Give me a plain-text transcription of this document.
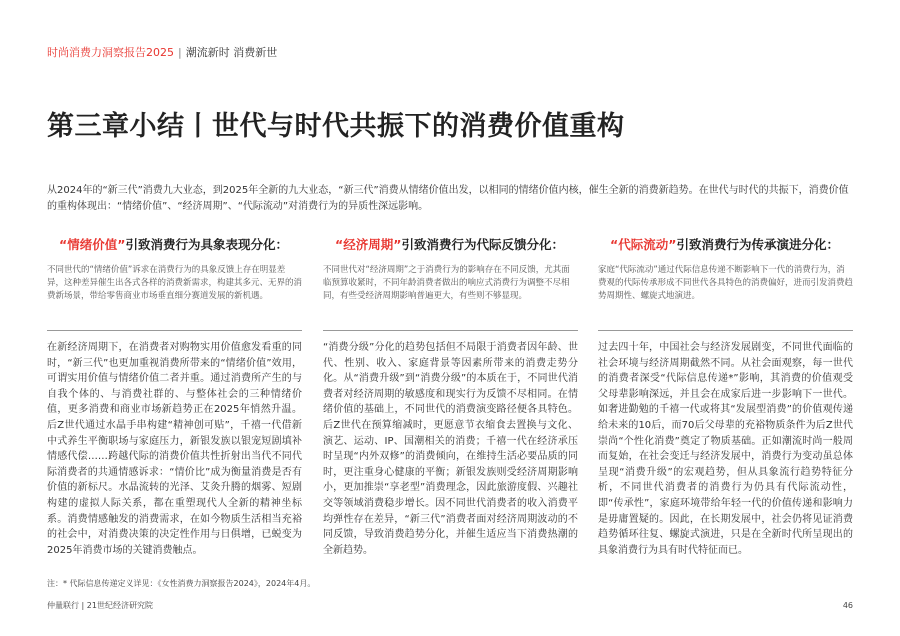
时尚消费力洞察报告2025 | 潮流新时 消费新世
第三章小结丨世代与时代共振下的消费价值重构

从2024年的“新三代”消费九大业态，到2025年全新的九大业态，“新三代”消费从情绪价值出发，以相同的情绪价值内核，催生全新的消费新趋势。在世代与时代的共振下，消费价值的重构体现出：“情绪价值”、“经济周期”、“代际流动”对消费行为的异质性深远影响。

“情绪价值”引致消费行为具象表现分化：

不同世代的“情绪价值”诉求在消费行为的具象反馈上存在明显差异，这种差异催生出各式各样的消费新需求，构建其多元、无界的消费新场景，带给零售商业市场垂直细分赛道发展的新机遇。

在新经济周期下，在消费者对购物实用价值愈发看重的同时，“新三代”也更加重视消费所带来的“情绪价值”效用，可谓实用价值与情绪价值二者并重。通过消费所产生的与自我个体的、与消费社群的、与整体社会的三种情绪价值，更多消费和商业市场新趋势正在2025年悄然升温。后Z世代通过水晶手串构建“精神创可贴”，千禧一代借新中式养生平衡职场与家庭压力，新银发族以银宠短剧填补情感代偿……跨越代际的消费价值共性折射出当代不同代际消费者的共通情感诉求：“情价比”成为衡量消费是否有价值的新标尺。水晶流转的光泽、艾灸升腾的烟雾、短剧构建的虚拟人际关系，都在重塑现代人全新的精神坐标系。消费情感触发的消费需求，在如今物质生活相当充裕的社会中，对消费决策的决定性作用与日俱增，已蜕变为2025年消费市场的关键消费触点。

“经济周期”引致消费行为代际反馈分化：

不同世代对“经济周期”之于消费行为的影响存在不同反馈，尤其面临预算收紧时，不同年龄消费者做出的响应式消费行为调整不尽相同，有些受经济周期影响普遍更大，有些则不够显现。

“消费分级”分化的趋势包括但不局限于消费者因年龄、世代、性别、收入、家庭背景等因素所带来的消费走势分化。从“消费升级”到“消费分级”的本质在于，不同世代消费者对经济周期的敏感度和现实行为反馈不尽相同。在情绪价值的基础上，不同世代的消费演变路径便各具特色。后Z世代在预算缩减时，更愿意节衣缩食去置换与文化、演艺、运动、IP、国潮相关的消费；千禧一代在经济承压时呈现“内外双修”的消费倾向，在维持生活必要品质的同时，更注重身心健康的平衡；新银发族则受经济周期影响小，更加推崇“享老型”消费理念，因此旅游度假、兴趣社交等领域消费稳步增长。因不同世代消费者的收入消费平均弹性存在差异，“新三代”消费者面对经济周期波动的不同反馈，导致消费趋势分化，并催生适应当下消费热潮的全新趋势。

“代际流动”引致消费行为传承演进分化：

家庭“代际流动”通过代际信息传递不断影响下一代的消费行为，消费观的代际传承形成不同世代各具特色的消费偏好，进而引发消费趋势周期性、螺旋式地演进。

过去四十年，中国社会与经济发展剧变，不同世代面临的社会环境与经济周期截然不同。从社会面观察，每一世代的消费者深受“代际信息传递*”影响，其消费的价值观受父母辈影响深远，并且会在成家后进一步影响下一世代。如奢进勤勉的千禧一代或将其“发展型消费”的价值观传递给未来的10后，而70后父母辈的充裕物质条件为后Z世代崇尚“个性化消费”奠定了物质基础。正如潮流时尚一般周而复始，在社会变迁与经济发展中，消费行为变动虽总体呈现“消费升级”的宏观趋势，但从具象流行趋势特征分析，不同世代消费者的消费行为仍具有代际流动性，即“传承性”，家庭环境带给年轻一代的价值传递和影响力是毋庸置疑的。因此，在长期发展中，社会仍将见证消费趋势循环往复、螺旋式演进，只是在全新时代所呈现出的具象消费行为具有时代特征而已。

注：* 代际信息传递定义详见：《女性消费力洞察报告2024》，2024年4月。

仲量联行 | 21世纪经济研究院	46
